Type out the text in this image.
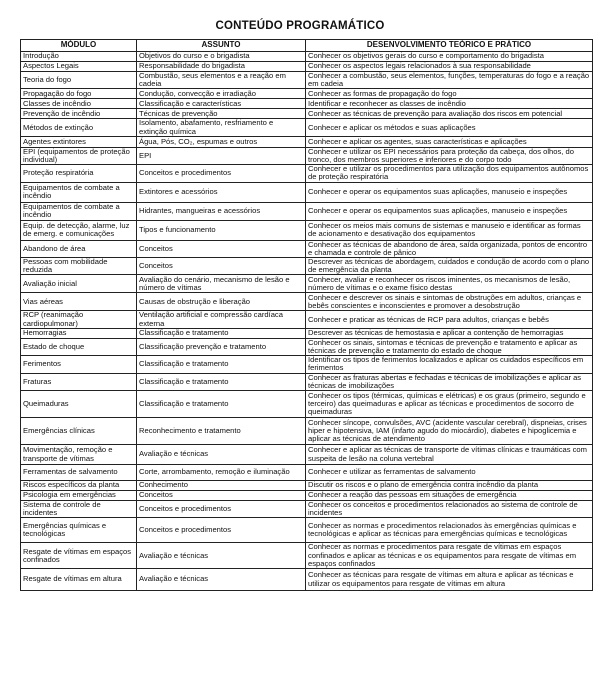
CONTEÚDO PROGRAMÁTICO
MÓDULO	ASSUNTO	DESENVOLVIMENTO TEÓRICO E PRÁTICO
Introdução	Objetivos do curso e o brigadista	Conhecer os objetivos gerais do curso e comportamento do brigadista
Aspectos Legais	Responsabilidade do brigadista	Conhecer os aspectos legais relacionados à sua responsabilidade
Teoria do fogo	Combustão, seus elementos e a reação em cadeia	Conhecer a combustão, seus elementos, funções, temperaturas do fogo e a reação em cadeia
Propagação do fogo	Condução, convecção e irradiação	Conhecer as formas de propagação do fogo
Classes de incêndio	Classificação e características	Identificar e reconhecer as classes de incêndio
Prevenção de incêndio	Técnicas de prevenção	Conhecer as técnicas de prevenção para avaliação dos riscos em potencial
Métodos de extinção	Isolamento, abafamento, resfriamento e extinção química	Conhecer e aplicar os métodos e suas aplicações
Agentes extintores	Água, Pós, CO₂, espumas e outros	Conhecer e aplicar os agentes, suas características e aplicações
EPI (equipamentos de proteção individual)	EPI	Conhecer e utilizar os EPI necessários para proteção da cabeça, dos olhos, do tronco, dos membros superiores e inferiores e do corpo todo
Proteção respiratória	Conceitos e procedimentos	Conhecer e utilizar os procedimentos para utilização dos equipamentos autônomos de proteção respiratória
Equipamentos de combate a incêndio	Extintores e acessórios	Conhecer e operar os equipamentos suas aplicações, manuseio e inspeções
Equipamentos de combate a incêndio	Hidrantes, mangueiras e acessórios	Conhecer e operar os equipamentos suas aplicações, manuseio e inspeções
Equip. de detecção, alarme, luz de emerg. e comunicações	Tipos e funcionamento	Conhecer os meios mais comuns de sistemas e manuseio e identificar as formas de acionamento e desativação dos equipamentos
Abandono de área	Conceitos	Conhecer as técnicas de abandono de área, saída organizada, pontos de encontro e chamada e controle de pânico
Pessoas com mobilidade reduzida	Conceitos	Descrever as técnicas de abordagem, cuidados e condução de acordo com o plano de emergência da planta
Avaliação inicial	Avaliação do cenário, mecanismo de lesão e número de vítimas	Conhecer, avaliar e reconhecer os riscos iminentes, os mecanismos de lesão, número de vítimas e o exame físico destas
Vias aéreas	Causas de obstrução e liberação	Conhecer e descrever os sinais e sintomas de obstruções em adultos, crianças e bebês conscientes e inconscientes e promover a desobstrução
RCP (reanimação cardiopulmonar)	Ventilação artificial e compressão cardíaca externa	Conhecer e praticar as técnicas de RCP para adultos, crianças e bebês
Hemorragias	Classificação e tratamento	Descrever as técnicas de hemostasia e aplicar a contenção de hemorragias
Estado de choque	Classificação prevenção e tratamento	Conhecer os sinais, sintomas e técnicas de prevenção e tratamento e aplicar as técnicas de prevenção e tratamento do estado de choque
Ferimentos	Classificação e tratamento	Identificar os tipos de ferimentos localizados e aplicar os cuidados específicos em ferimentos
Fraturas	Classificação e tratamento	Conhecer as fraturas abertas e fechadas e técnicas de imobilizações e aplicar as técnicas de imobilizações
Queimaduras	Classificação e tratamento	Conhecer os tipos (térmicas, químicas e elétricas) e os graus (primeiro, segundo e terceiro) das queimaduras e aplicar as técnicas e procedimentos de socorro de queimaduras
Emergências clínicas	Reconhecimento e tratamento	Conhecer síncope, convulsões, AVC (acidente vascular cerebral), dispneias, crises hiper e hipotensiva, IAM (infarto agudo do miocárdio), diabetes e hipoglicemia e aplicar as técnicas de atendimento
Movimentação, remoção e transporte de vítimas	Avaliação e técnicas	Conhecer e aplicar as técnicas de transporte de vítimas clínicas e traumáticas com suspeita de lesão na coluna vertebral
Ferramentas de salvamento	Corte, arrombamento, remoção e iluminação	Conhecer e utilizar as ferramentas de salvamento
Riscos específicos da planta	Conhecimento	Discutir os riscos e o plano de emergência contra incêndio da planta
Psicologia em emergências	Conceitos	Conhecer a reação das pessoas em situações de emergência
Sistema de controle de incidentes	Conceitos e procedimentos	Conhecer os conceitos e procedimentos relacionados ao sistema de controle de incidentes
Emergências químicas e tecnológicas	Conceitos e procedimentos	Conhecer as normas e procedimentos relacionados às emergências químicas e tecnológicas e aplicar as técnicas para emergências químicas e tecnológicas
Resgate de vítimas em espaços confinados	Avaliação e técnicas	Conhecer as normas e procedimentos para resgate de vítimas em espaços confinados e aplicar as técnicas e os equipamentos para resgate de vítimas em espaços confinados
Resgate de vítimas em altura	Avaliação e técnicas	Conhecer as técnicas para resgate de vítimas em altura e aplicar as técnicas e utilizar os equipamentos para resgate de vítimas em altura
